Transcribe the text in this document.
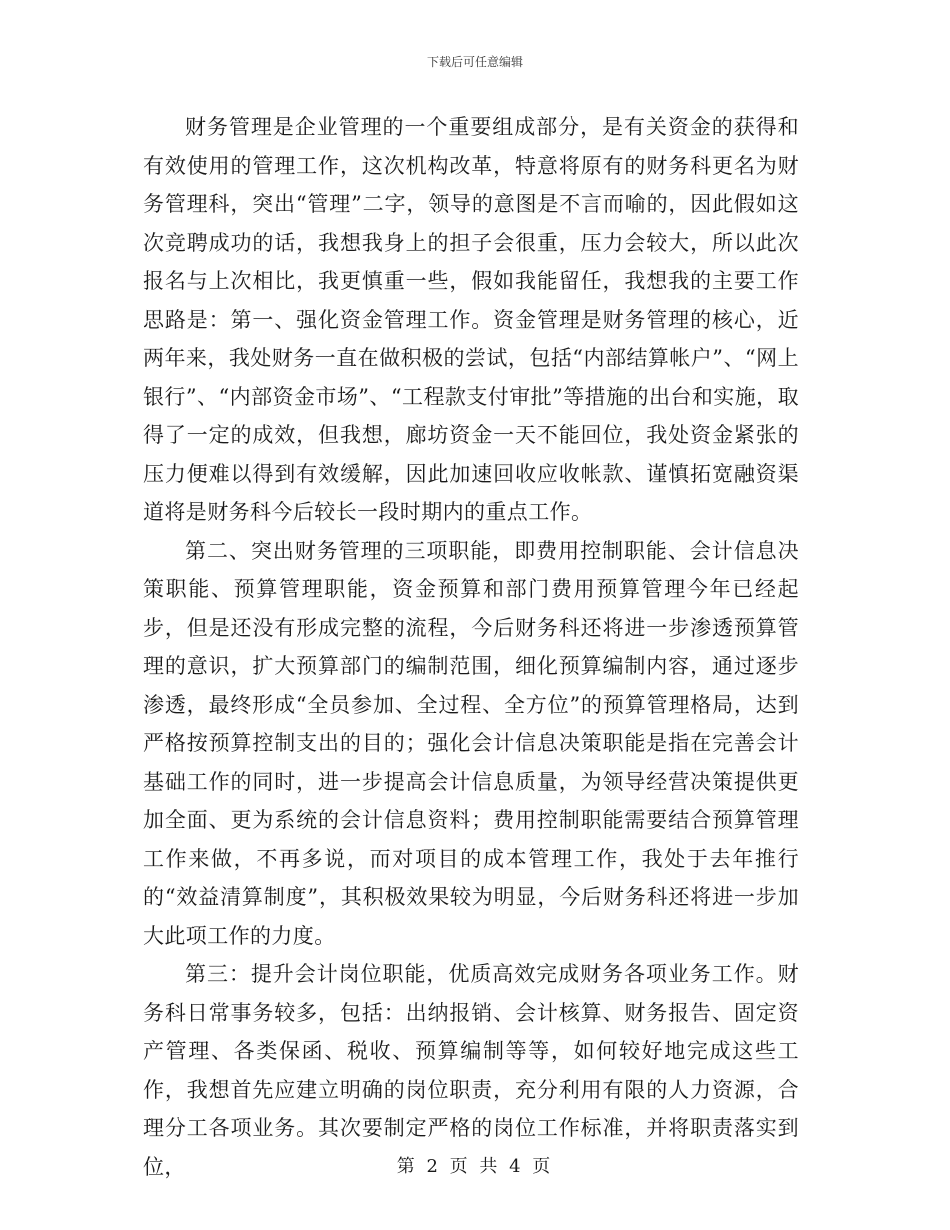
下载后可任意编辑

财务管理是企业管理的一个重要组成部分，是有关资金的获得和有效使用的管理工作，这次机构改革，特意将原有的财务科更名为财务管理科，突出“管理”二字，领导的意图是不言而喻的，因此假如这次竞聘成功的话，我想我身上的担子会很重，压力会较大，所以此次报名与上次相比，我更慎重一些，假如我能留任，我想我的主要工作思路是：第一、强化资金管理工作。资金管理是财务管理的核心，近两年来，我处财务一直在做积极的尝试，包括“内部结算帐户”、“网上银行”、“内部资金市场”、“工程款支付审批”等措施的出台和实施，取得了一定的成效，但我想，廊坊资金一天不能回位，我处资金紧张的压力便难以得到有效缓解，因此加速回收应收帐款、谨慎拓宽融资渠道将是财务科今后较长一段时期内的重点工作。

第二、突出财务管理的三项职能，即费用控制职能、会计信息决策职能、预算管理职能，资金预算和部门费用预算管理今年已经起步，但是还没有形成完整的流程，今后财务科还将进一步渗透预算管理的意识，扩大预算部门的编制范围，细化预算编制内容，通过逐步渗透，最终形成“全员参加、全过程、全方位”的预算管理格局，达到严格按预算控制支出的目的；强化会计信息决策职能是指在完善会计基础工作的同时，进一步提高会计信息质量，为领导经营决策提供更加全面、更为系统的会计信息资料；费用控制职能需要结合预算管理工作来做，不再多说，而对项目的成本管理工作，我处于去年推行的“效益清算制度”，其积极效果较为明显，今后财务科还将进一步加大此项工作的力度。

第三：提升会计岗位职能，优质高效完成财务各项业务工作。财务科日常事务较多，包括：出纳报销、会计核算、财务报告、固定资产管理、各类保函、税收、预算编制等等，如何较好地完成这些工作，我想首先应建立明确的岗位职责，充分利用有限的人力资源，合理分工各项业务。其次要制定严格的岗位工作标准，并将职责落实到位，	第 2 页 共 4 页
